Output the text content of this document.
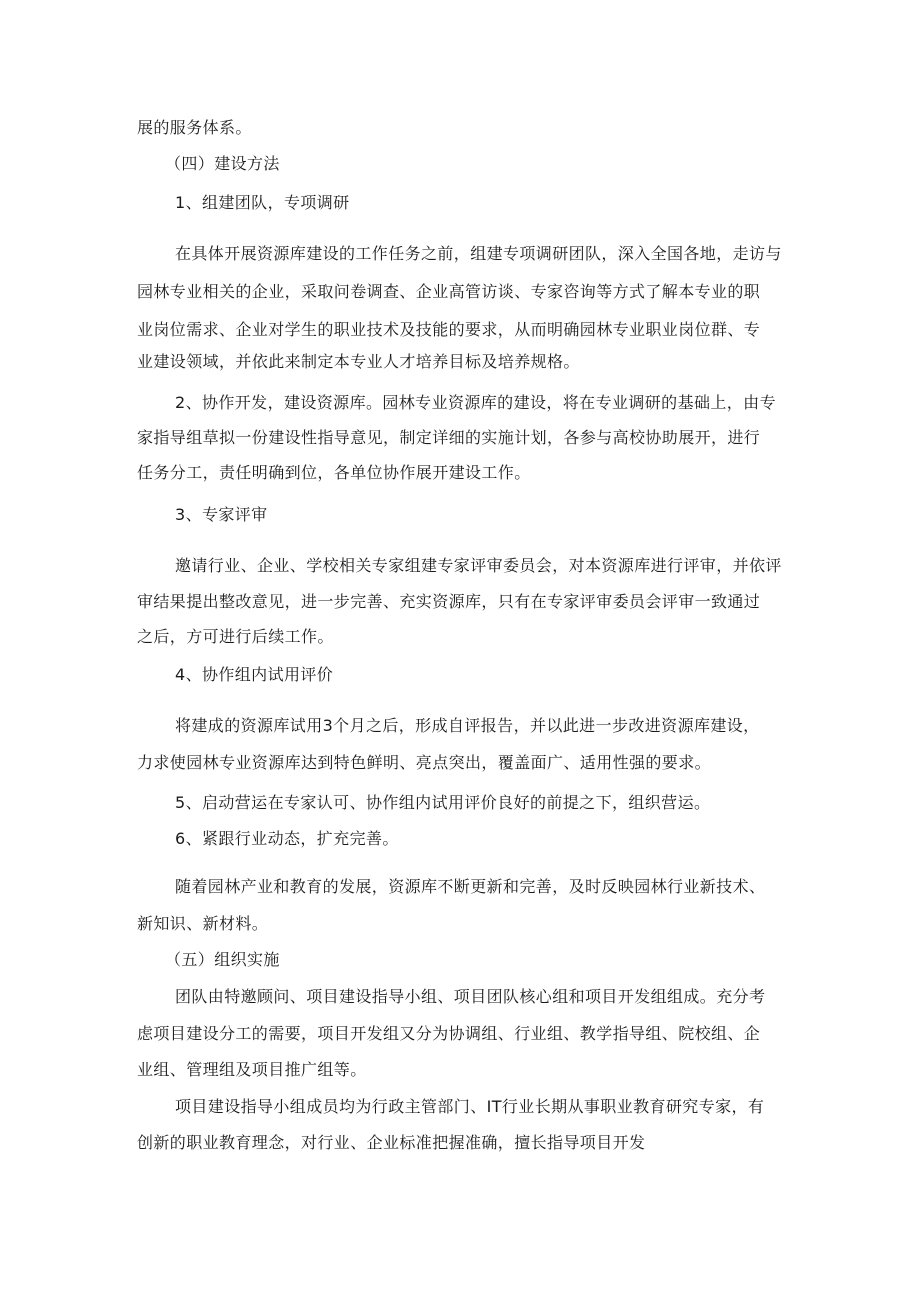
展的服务体系。
（四）建设方法
1、组建团队，专项调研
在具体开展资源库建设的工作任务之前，组建专项调研团队，深入全国各地，走访与
园林专业相关的企业，采取问卷调查、企业高管访谈、专家咨询等方式了解本专业的职
业岗位需求、企业对学生的职业技术及技能的要求，从而明确园林专业职业岗位群、专
业建设领域，并依此来制定本专业人才培养目标及培养规格。
2、协作开发，建设资源库。园林专业资源库的建设，将在专业调研的基础上，由专
家指导组草拟一份建设性指导意见，制定详细的实施计划，各参与高校协助展开，进行
任务分工，责任明确到位，各单位协作展开建设工作。
3、专家评审
邀请行业、企业、学校相关专家组建专家评审委员会，对本资源库进行评审，并依评
审结果提出整改意见，进一步完善、充实资源库，只有在专家评审委员会评审一致通过
之后，方可进行后续工作。
4、协作组内试用评价
将建成的资源库试用3个月之后，形成自评报告，并以此进一步改进资源库建设，
力求使园林专业资源库达到特色鲜明、亮点突出，覆盖面广、适用性强的要求。
5、启动营运在专家认可、协作组内试用评价良好的前提之下，组织营运。
6、紧跟行业动态，扩充完善。
随着园林产业和教育的发展，资源库不断更新和完善，及时反映园林行业新技术、
新知识、新材料。
（五）组织实施
团队由特邀顾问、项目建设指导小组、项目团队核心组和项目开发组组成。充分考
虑项目建设分工的需要，项目开发组又分为协调组、行业组、教学指导组、院校组、企
业组、管理组及项目推广组等。
项目建设指导小组成员均为行政主管部门、IT行业长期从事职业教育研究专家，有
创新的职业教育理念，对行业、企业标准把握准确，擅长指导项目开发
